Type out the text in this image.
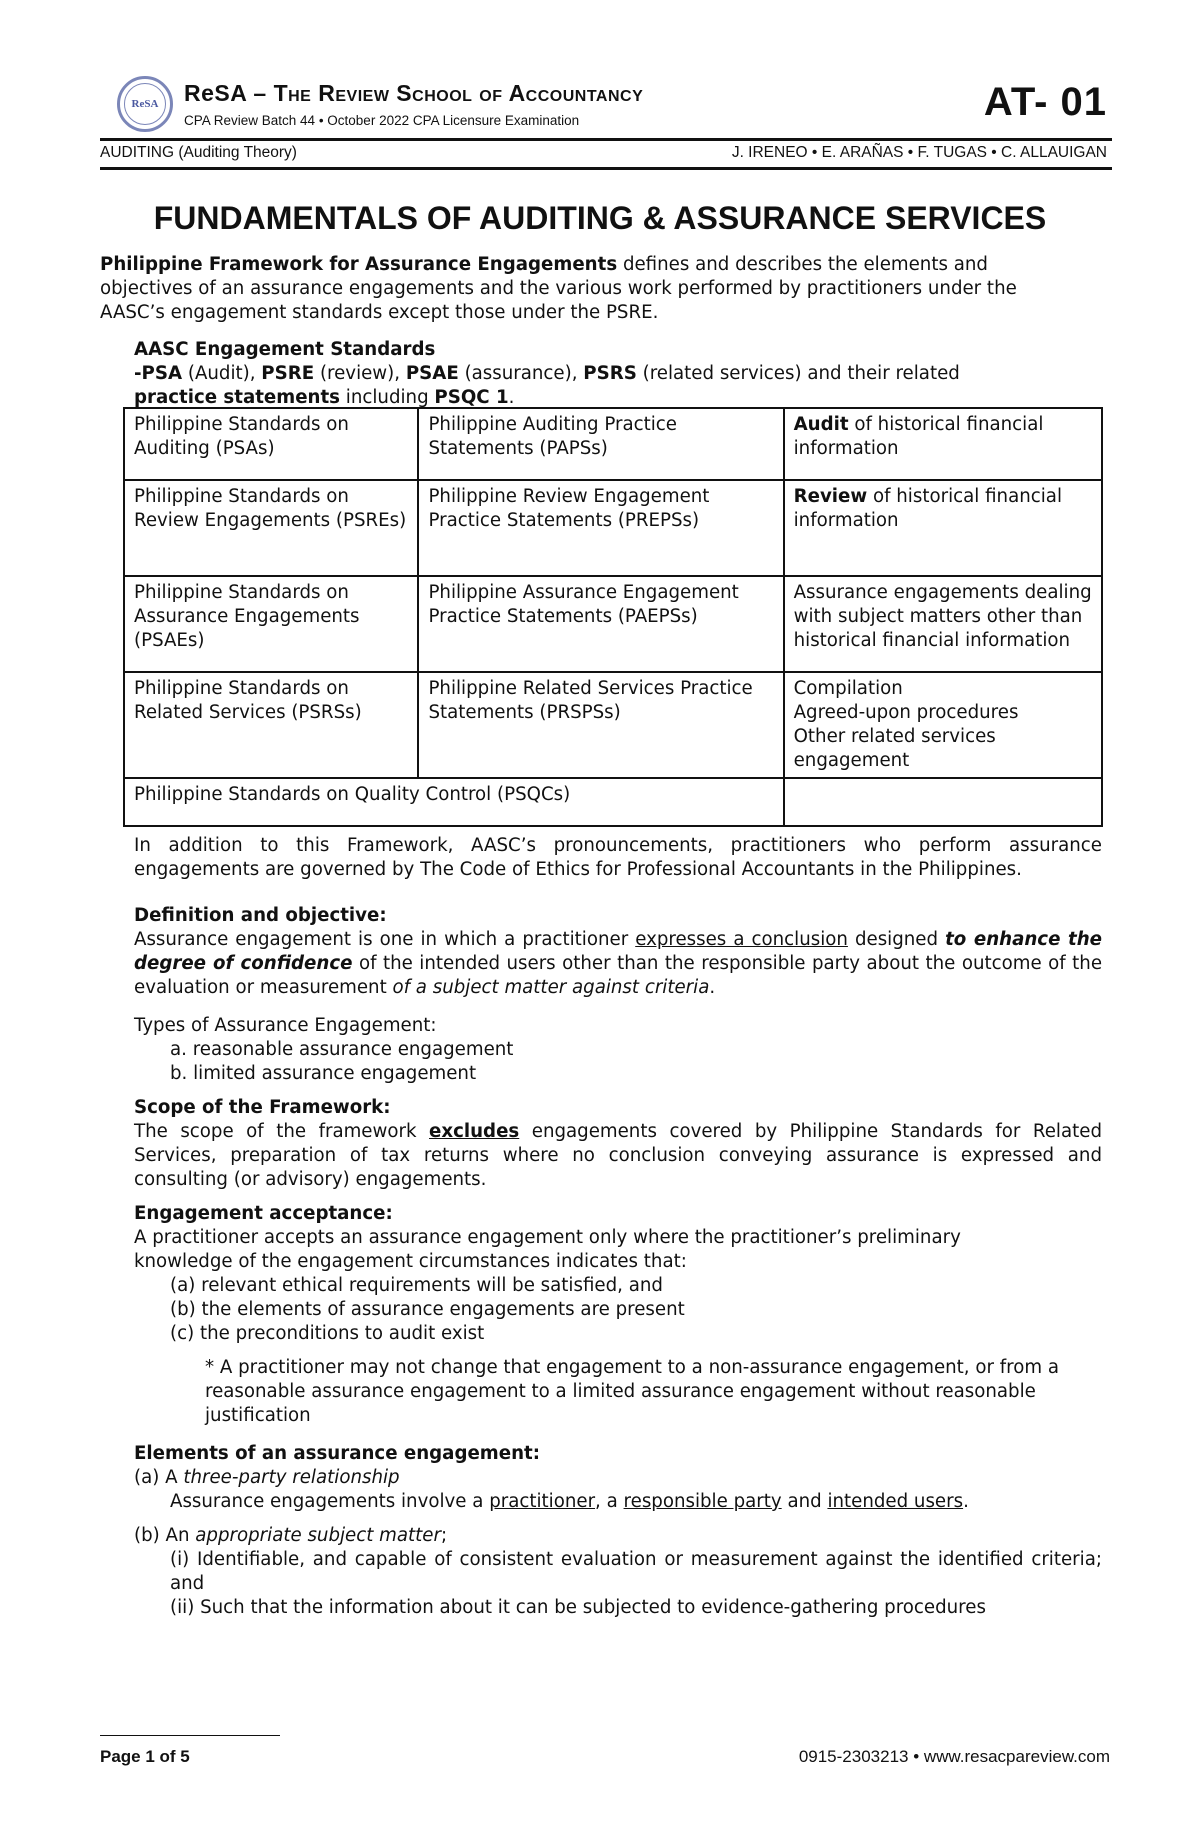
ReSA	ReSA – The Review School of Accountancy
CPA Review Batch 44 • October 2022 CPA Licensure Examination	AT- 01
AUDITING (Auditing Theory)	J. IRENEO • E. ARAÑAS • F. TUGAS • C. ALLAUIGAN
FUNDAMENTALS OF AUDITING & ASSURANCE SERVICES
Philippine Framework for Assurance Engagements defines and describes the elements and
objectives of an assurance engagements and the various work performed by practitioners under the
AASC’s engagement standards except those under the PSRE.
AASC Engagement Standards
-PSA (Audit), PSRE (review), PSAE (assurance), PSRS (related services) and their related
practice statements including PSQC 1.
Philippine Standards on Auditing (PSAs)	Philippine Auditing Practice Statements (PAPSs)	Audit of historical financial information
Philippine Standards on Review Engagements (PSREs)	Philippine Review Engagement Practice Statements (PREPSs)	Review of historical financial information
Philippine Standards on Assurance Engagements (PSAEs)	Philippine Assurance Engagement Practice Statements (PAEPSs)	Assurance engagements dealing with subject matters other than historical financial information
Philippine Standards on Related Services (PSRSs)	Philippine Related Services Practice Statements (PRSPSs)	Compilation
Agreed-upon procedures
Other related services engagement
Philippine Standards on Quality Control (PSQCs)		
In addition to this Framework, AASC’s pronouncements, practitioners who perform assurance engagements are governed by The Code of Ethics for Professional Accountants in the Philippines.
Definition and objective:
Assurance engagement is one in which a practitioner expresses a conclusion designed to enhance the degree of confidence of the intended users other than the responsible party about the outcome of the evaluation or measurement of a subject matter against criteria.
Types of Assurance Engagement:
a. reasonable assurance engagement
b. limited assurance engagement
Scope of the Framework:
The scope of the framework excludes engagements covered by Philippine Standards for Related Services, preparation of tax returns where no conclusion conveying assurance is expressed and consulting (or advisory) engagements.
Engagement acceptance:
A practitioner accepts an assurance engagement only where the practitioner’s preliminary
knowledge of the engagement circumstances indicates that:
(a) relevant ethical requirements will be satisfied, and
(b) the elements of assurance engagements are present
(c) the preconditions to audit exist
* A practitioner may not change that engagement to a non-assurance engagement, or from a reasonable assurance engagement to a limited assurance engagement without reasonable justification
Elements of an assurance engagement:
(a) A three-party relationship
Assurance engagements involve a practitioner, a responsible party and intended users.
(b) An appropriate subject matter;
(i) Identifiable, and capable of consistent evaluation or measurement against the identified criteria; and
(ii) Such that the information about it can be subjected to evidence-gathering procedures
Page 1 of 5	0915-2303213 • www.resacpareview.com
